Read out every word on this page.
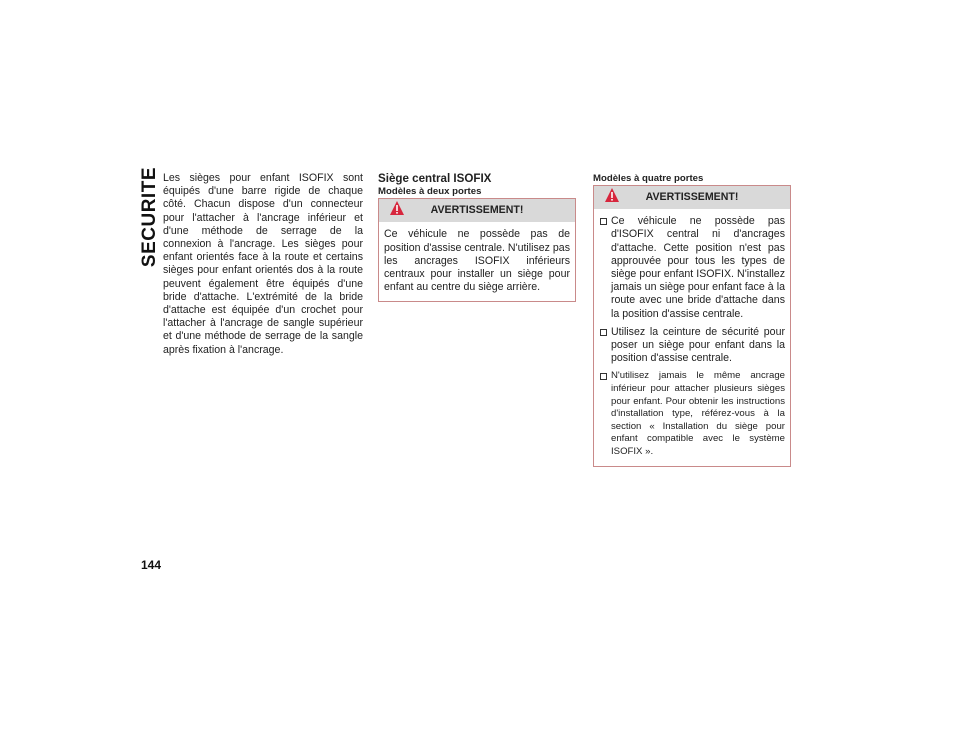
SECURITE
144

Les sièges pour enfant ISOFIX sont équipés d'une barre rigide de chaque côté. Chacun dispose d'un connecteur pour l'attacher à l'ancrage inférieur et d'une méthode de serrage de la connexion à l'ancrage. Les sièges pour enfant orientés face à la route et certains sièges pour enfant orientés dos à la route peuvent également être équipés d'une bride d'attache. L'extrémité de la bride d'attache est équipée d'un crochet pour l'attacher à l'ancrage de sangle supérieur et d'une méthode de serrage de la sangle après fixation à l'ancrage.

Siège central ISOFIX

Modèles à deux portes

AVERTISSEMENT!

Ce véhicule ne possède pas de position d'assise centrale. N'utilisez pas les ancrages ISOFIX inférieurs centraux pour installer un siège pour enfant au centre du siège arrière.

Modèles à quatre portes

AVERTISSEMENT!
Ce véhicule ne possède pas d'ISOFIX central ni d'ancrages d'attache. Cette position n'est pas approuvée pour tous les types de siège pour enfant ISOFIX. N'installez jamais un siège pour enfant face à la route avec une bride d'attache dans la position d'assise centrale.
Utilisez la ceinture de sécurité pour poser un siège pour enfant dans la position d'assise centrale.
N'utilisez jamais le même ancrage inférieur pour attacher plusieurs sièges pour enfant. Pour obtenir les instructions d'installation type, référez-vous à la section « Installation du siège pour enfant compatible avec le système ISOFIX ».
